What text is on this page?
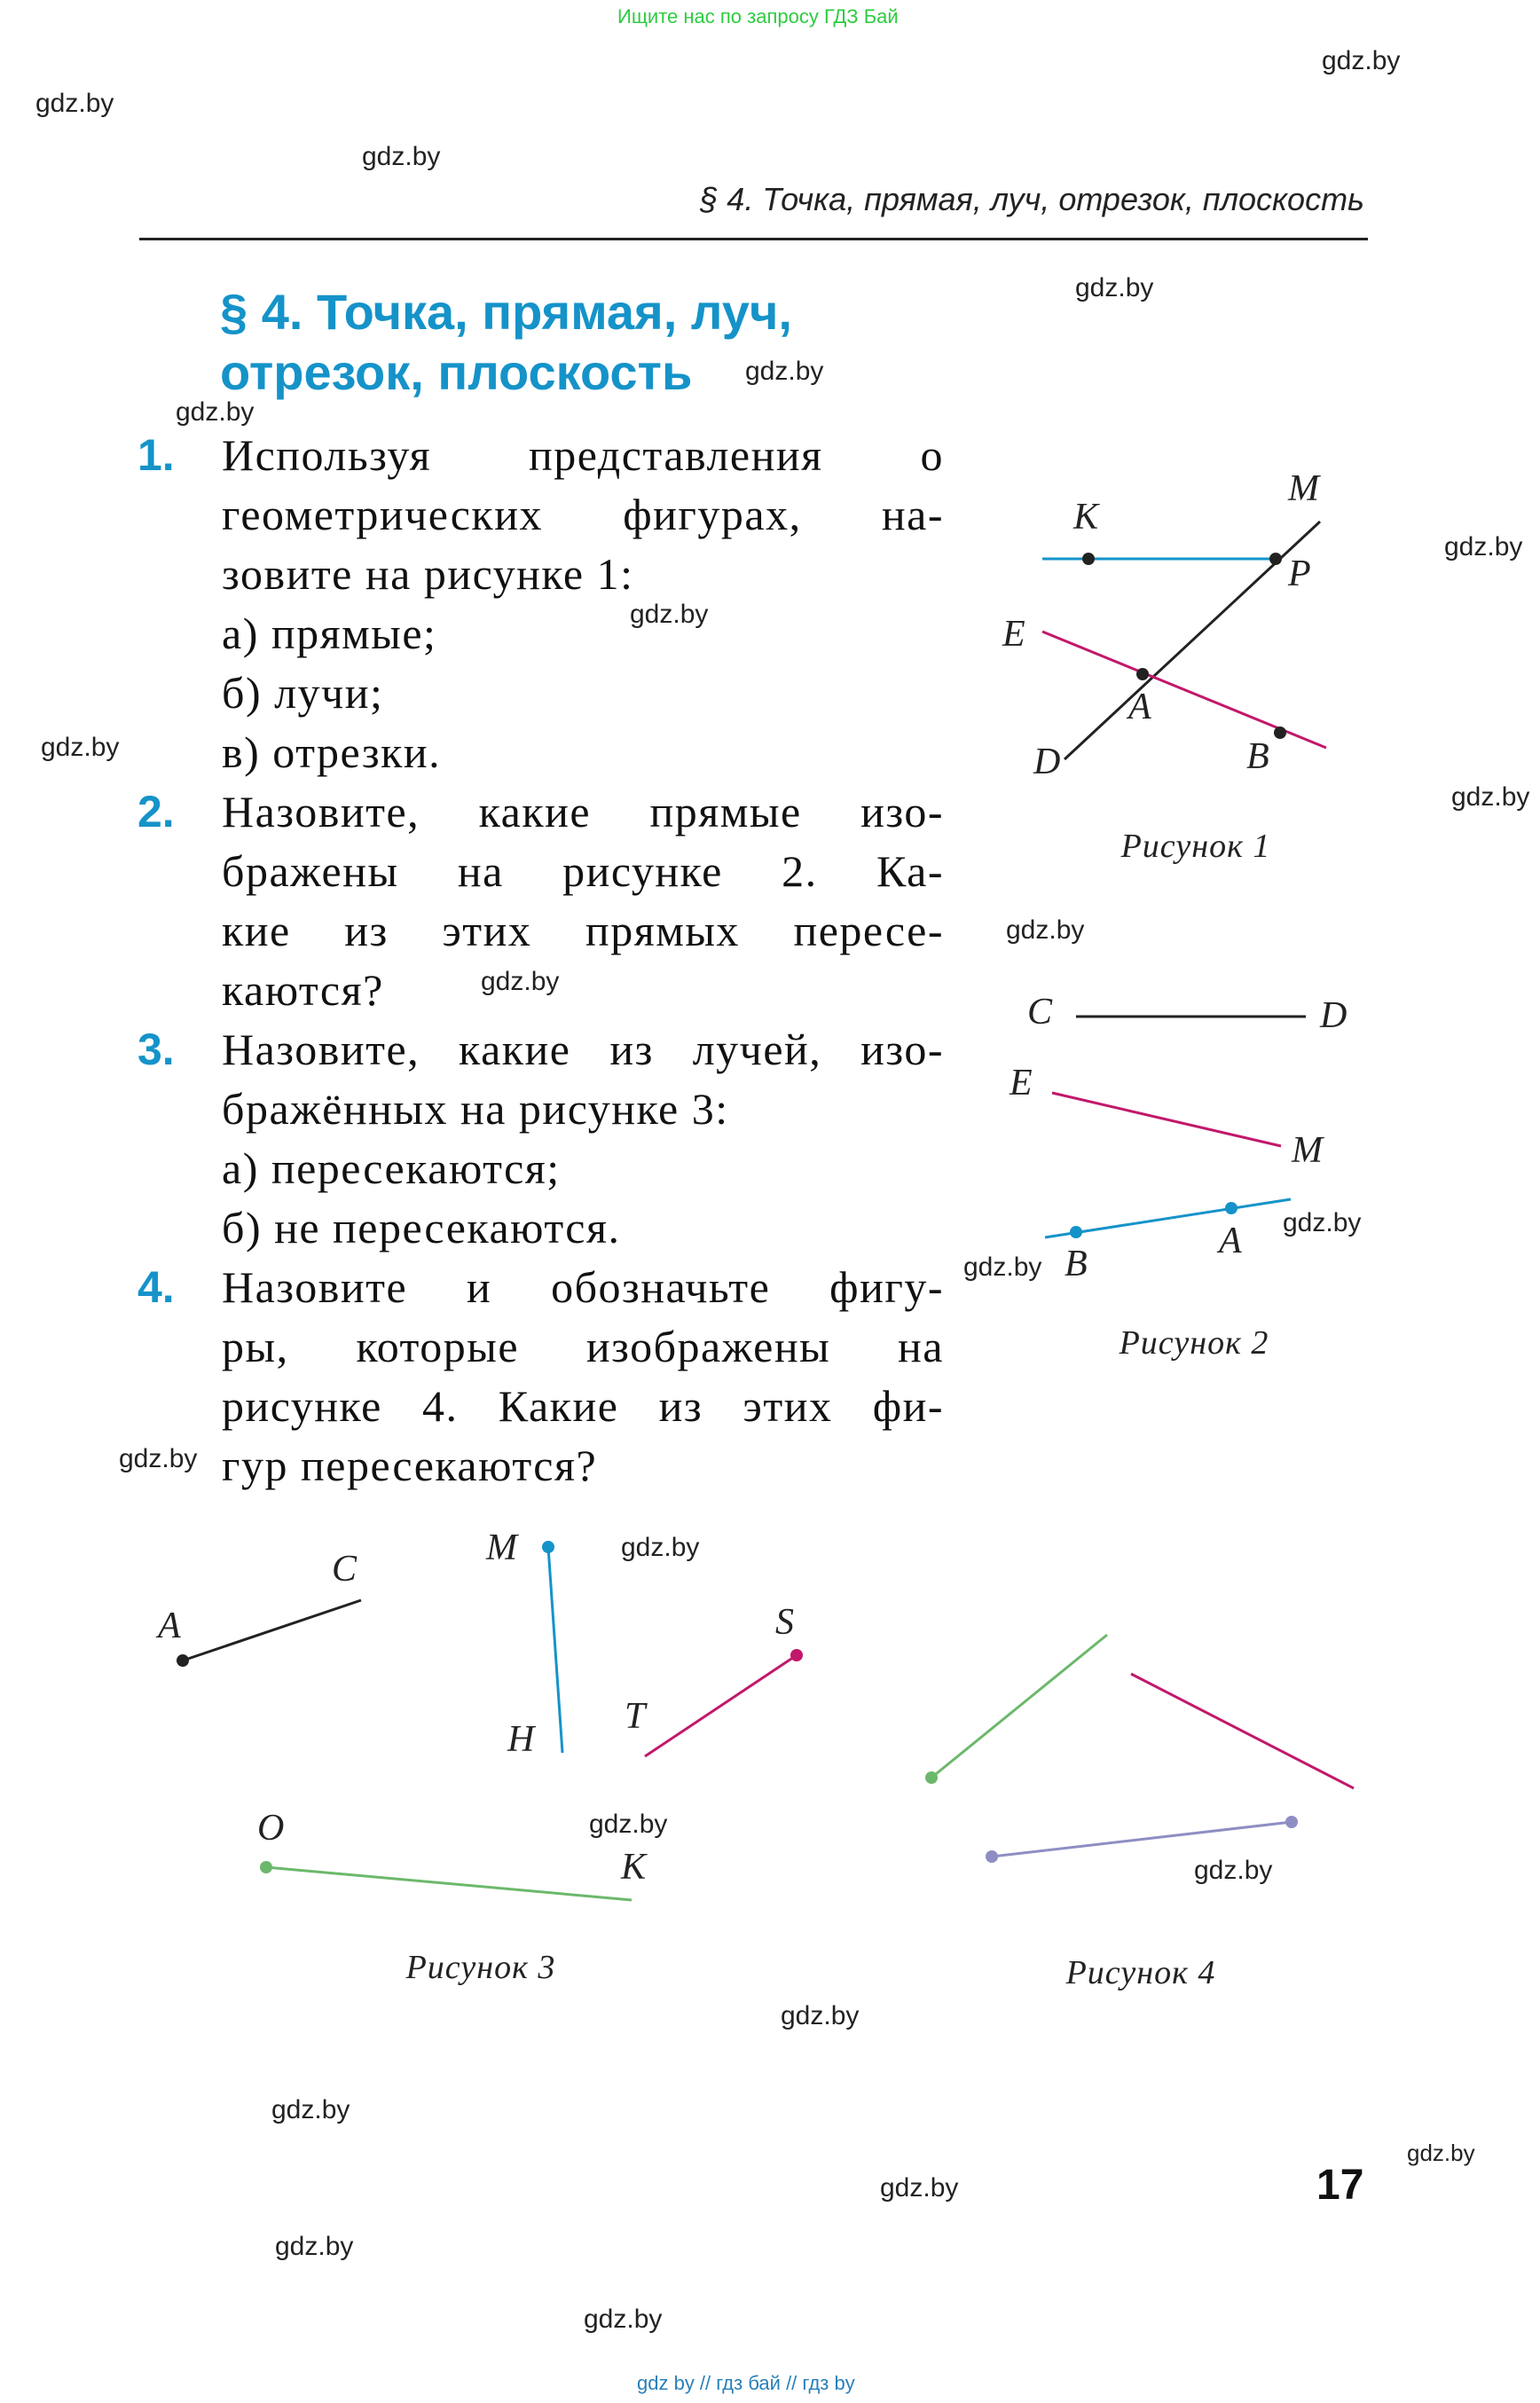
Ищите нас по запросу ГДЗ Бай
gdz.by
gdz.by
gdz.by
gdz.by
gdz.by
gdz.by
gdz.by
gdz.by
gdz.by
gdz.by
gdz.by
gdz.by
gdz.by
gdz.by
gdz.by
gdz.by
gdz.by
gdz.by
gdz.by
gdz.by
gdz.by
gdz.by
gdz.by
gdz.by
§ 4. Точка, прямая, луч, отрезок, плоскость
§ 4. Точка, прямая, луч,
отрезок, плоскость
1. Используя представления о
геометрических фигурах, на-
зовите на рисунке 1:
а) прямые;
б) лучи;
в) отрезки.
2. Назовите, какие прямые изо-
бражены на рисунке 2. Ка-
кие из этих прямых пересе-
каются?
3. Назовите, какие из лучей, изо-
бражённых на рисунке 3:
а) пересекаются;
б) не пересекаются.
4. Назовите и обозначьте фигу-
ры, которые изображены на
рисунке 4. Какие из этих фи-
гур пересекаются?
K
M
P
E
A
D	B
Рисунок 1
C	D
E
M
B
A
Рисунок 2
A
C
M
H
S
T
O
K
Рисунок 3	Рисунок 4
17
gdz by // гдз бай // гдз by
